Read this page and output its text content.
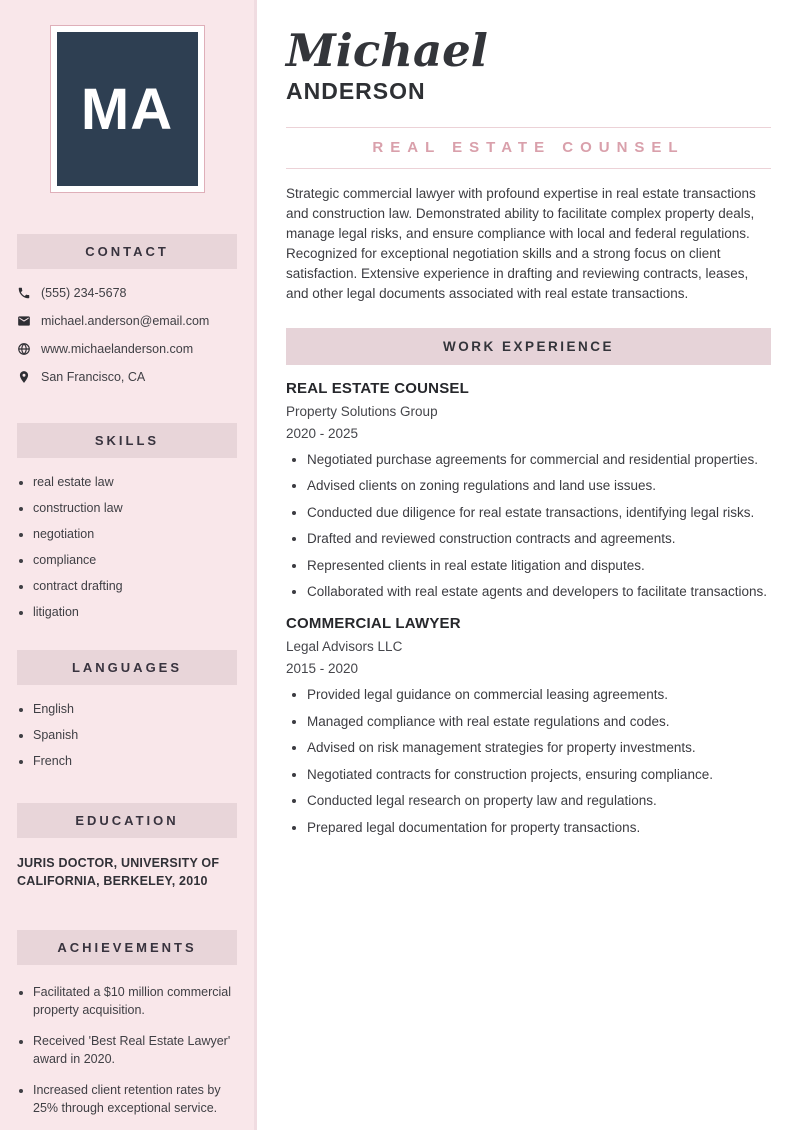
MA
CONTACT
(555) 234-5678
michael.anderson@email.com
www.michaelanderson.com
San Francisco, CA
SKILLS
• real estate law
• construction law
• negotiation
• compliance
• contract drafting
• litigation
LANGUAGES
• English
• Spanish
• French
EDUCATION
JURIS DOCTOR, UNIVERSITY OF CALIFORNIA, BERKELEY, 2010
ACHIEVEMENTS
• Facilitated a $10 million commercial property acquisition.
• Received 'Best Real Estate Lawyer' award in 2020.
• Increased client retention rates by 25% through exceptional service.
Michael
ANDERSON
REAL ESTATE COUNSEL

Strategic commercial lawyer with profound expertise in real estate transactions and construction law. Demonstrated ability to facilitate complex property deals, manage legal risks, and ensure compliance with local and federal regulations. Recognized for exceptional negotiation skills and a strong focus on client satisfaction. Extensive experience in drafting and reviewing contracts, leases, and other legal documents associated with real estate transactions.

WORK EXPERIENCE
REAL ESTATE COUNSEL
Property Solutions Group
2020 - 2025
• Negotiated purchase agreements for commercial and residential properties.
• Advised clients on zoning regulations and land use issues.
• Conducted due diligence for real estate transactions, identifying legal risks.
• Drafted and reviewed construction contracts and agreements.
• Represented clients in real estate litigation and disputes.
• Collaborated with real estate agents and developers to facilitate transactions.
COMMERCIAL LAWYER
Legal Advisors LLC
2015 - 2020
• Provided legal guidance on commercial leasing agreements.
• Managed compliance with real estate regulations and codes.
• Advised on risk management strategies for property investments.
• Negotiated contracts for construction projects, ensuring compliance.
• Conducted legal research on property law and regulations.
• Prepared legal documentation for property transactions.
